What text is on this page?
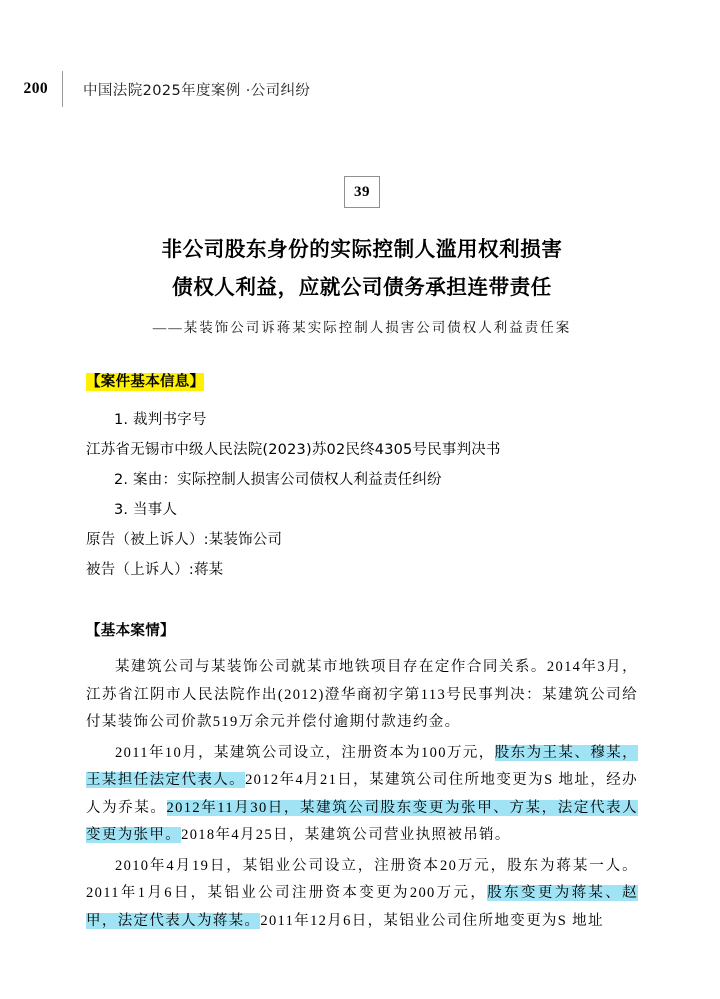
200	中国法院2025年度案例 ·公司纠纷
39
非公司股东身份的实际控制人滥用权利损害
债权人利益，应就公司债务承担连带责任
——某装饰公司诉蒋某实际控制人损害公司债权人利益责任案
【案件基本信息】
1. 裁判书字号
江苏省无锡市中级人民法院(2023)苏02民终4305号民事判决书
2. 案由：实际控制人损害公司债权人利益责任纠纷
3. 当事人
原告（被上诉人）:某装饰公司
被告（上诉人）:蒋某
【基本案情】

某建筑公司与某装饰公司就某市地铁项目存在定作合同关系。2014年3月，江苏省江阴市人民法院作出(2012)澄华商初字第113号民事判决：某建筑公司给付某装饰公司价款519万余元并偿付逾期付款违约金。

2011年10月，某建筑公司设立，注册资本为100万元，股东为王某、穆某，王某担任法定代表人。2012年4月21日，某建筑公司住所地变更为S 地址，经办人为乔某。2012年11月30日，某建筑公司股东变更为张甲、方某，法定代表人变更为张甲。2018年4月25日，某建筑公司营业执照被吊销。

2010年4月19日，某铝业公司设立，注册资本20万元，股东为蒋某一人。2011年1月6日，某铝业公司注册资本变更为200万元，股东变更为蒋某、赵甲，法定代表人为蒋某。2011年12月6日，某铝业公司住所地变更为S 地址
